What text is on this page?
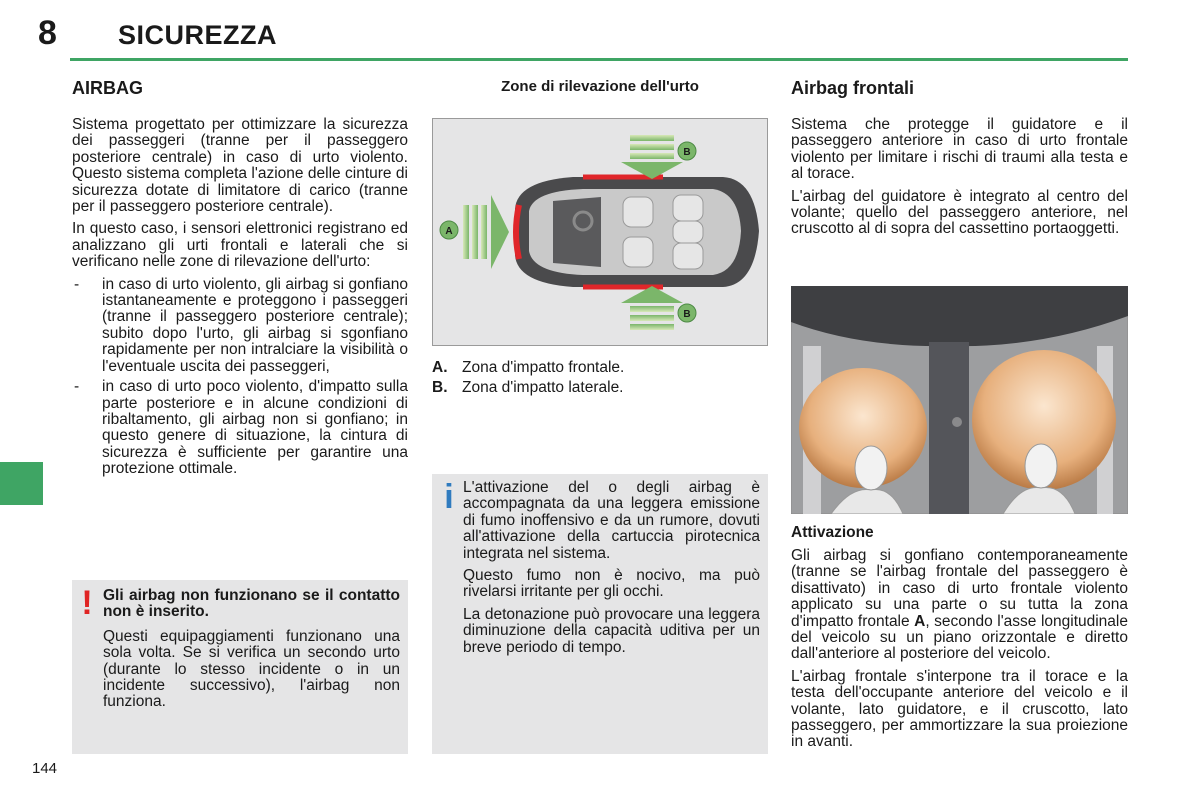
8 SICUREZZA
144
AIRBAG

Sistema progettato per ottimizzare la sicurezza dei passeggeri (tranne per il passeggero posteriore centrale) in caso di urto violento. Questo sistema completa l'azione delle cinture di sicurezza dotate di limitatore di carico (tranne per il passeggero posteriore centrale).

In questo caso, i sensori elettronici registrano ed analizzano gli urti frontali e laterali che si verificano nelle zone di rilevazione dell'urto:

- in caso di urto violento, gli airbag si gonfiano istantaneamente e proteggono i passeggeri (tranne il passeggero posteriore centrale); subito dopo l'urto, gli airbag si sgonfiano rapidamente per non intralciare la visibilità o l'eventuale uscita dei passeggeri,
- in caso di urto poco violento, d'impatto sulla parte posteriore e in alcune condizioni di ribaltamento, gli airbag non si gonfiano; in questo genere di situazione, la cintura di sicurezza è sufficiente per garantire una protezione ottimale.
! Gli airbag non funzionano se il contatto non è inserito.

Questi equipaggiamenti funzionano una sola volta. Se si verifica un secondo urto (durante lo stesso incidente o in un incidente successivo), l'airbag non funziona.

Zone di rilevazione dell'urto
A
B
B
A. Zona d'impatto frontale.
B. Zona d'impatto laterale.
i L'attivazione del o degli airbag è accompagnata da una leggera emissione di fumo inoffensivo e da un rumore, dovuti all'attivazione della cartuccia pirotecnica integrata nel sistema.

Questo fumo non è nocivo, ma può rivelarsi irritante per gli occhi.

La detonazione può provocare una leggera diminuzione della capacità uditiva per un breve periodo di tempo.

Airbag frontali

Sistema che protegge il guidatore e il passeggero anteriore in caso di urto frontale violento per limitare i rischi di traumi alla testa e al torace.

L'airbag del guidatore è integrato al centro del volante; quello del passeggero anteriore, nel cruscotto al di sopra del cassettino portaoggetti.

Attivazione

Gli airbag si gonfiano contemporaneamente (tranne se l'airbag frontale del passeggero è disattivato) in caso di urto frontale violento applicato su una parte o su tutta la zona d'impatto frontale A, secondo l'asse longitudinale del veicolo su un piano orizzontale e diretto dall'anteriore al posteriore del veicolo.

L'airbag frontale s'interpone tra il torace e la testa dell'occupante anteriore del veicolo e il volante, lato guidatore, e il cruscotto, lato passeggero, per ammortizzare la sua proiezione in avanti.
